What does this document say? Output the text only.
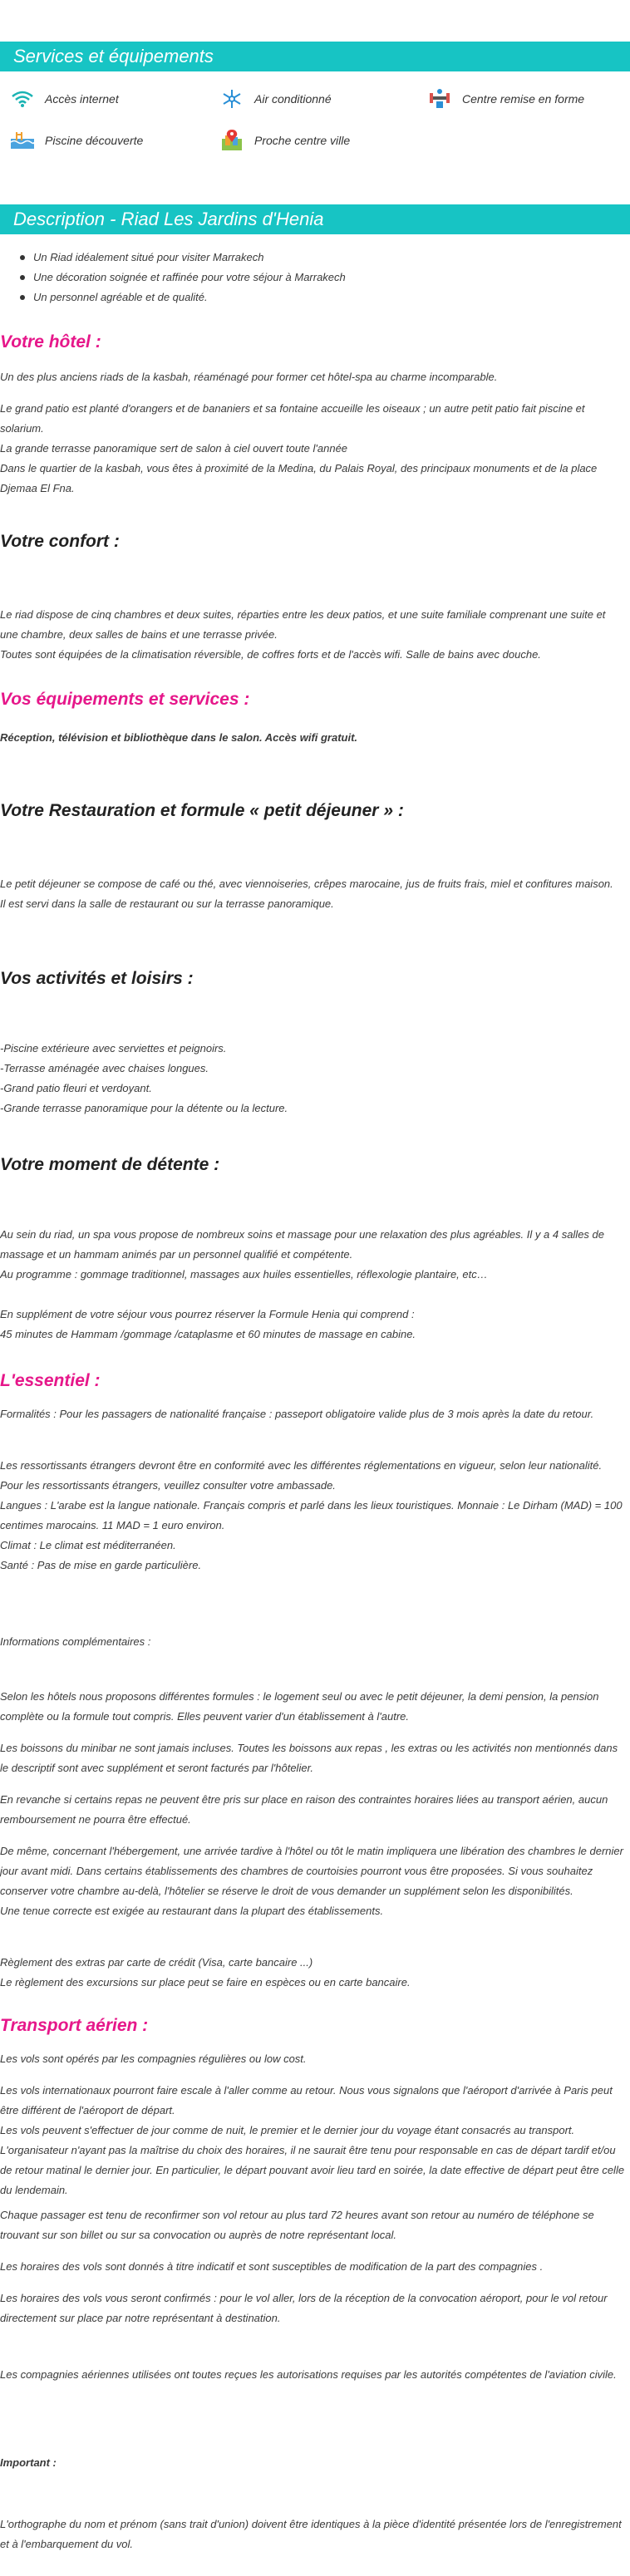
Services et équipements
Accès internet	Air conditionné	Centre remise en forme
Piscine découverte	Proche centre ville
Description - Riad Les Jardins d'Henia
Un Riad idéalement situé pour visiter Marrakech
Une décoration soignée et raffinée pour votre séjour à Marrakech
Un personnel agréable et de qualité.
Votre hôtel :
Un des plus anciens riads de la kasbah, réaménagé pour former cet hôtel-spa au charme incomparable.
Le grand patio est planté d'orangers et de bananiers et sa fontaine accueille les oiseaux ; un autre petit patio fait piscine et solarium.
La grande terrasse panoramique sert de salon à ciel ouvert toute l'année
Dans le quartier de la kasbah, vous êtes à proximité de la Medina, du Palais Royal, des principaux monuments et de la place Djemaa El Fna.
Votre confort :
Le riad dispose de cinq chambres et deux suites, réparties entre les deux patios, et une suite familiale comprenant une suite et une chambre, deux salles de bains et une terrasse privée.
Toutes sont équipées de la climatisation réversible, de coffres forts et de l'accès wifi. Salle de bains avec douche.
Vos équipements et services :
Réception, télévision et bibliothèque dans le salon. Accès wifi gratuit.
Votre Restauration et formule « petit déjeuner » :
Le petit déjeuner se compose de café ou thé, avec viennoiseries, crêpes marocaine, jus de fruits frais, miel et confitures maison.
Il est servi dans la salle de restaurant ou sur la terrasse panoramique.
Vos activités et loisirs :
-Piscine extérieure avec serviettes et peignoirs.
-Terrasse aménagée avec chaises longues.
-Grand patio fleuri et verdoyant.
-Grande terrasse panoramique pour la détente ou la lecture.
Votre moment de détente :
Au sein du riad, un spa vous propose de nombreux soins et massage pour une relaxation des plus agréables. Il y a 4 salles de massage et un hammam animés par un personnel qualifié et compétente.
Au programme : gommage traditionnel, massages aux huiles essentielles, réflexologie plantaire, etc…
En supplément de votre séjour vous pourrez réserver la Formule Henia qui comprend :
45 minutes de Hammam /gommage /cataplasme et 60 minutes de massage en cabine.
L'essentiel :
Formalités : Pour les passagers de nationalité française : passeport obligatoire valide plus de 3 mois après la date du retour.
Les ressortissants étrangers devront être en conformité avec les différentes réglementations en vigueur, selon leur nationalité.
Pour les ressortissants étrangers, veuillez consulter votre ambassade.
Langues : L'arabe est la langue nationale. Français compris et parlé dans les lieux touristiques. Monnaie : Le Dirham (MAD) = 100 centimes marocains. 11 MAD = 1 euro environ.
Climat : Le climat est méditerranéen.
Santé : Pas de mise en garde particulière.
Informations complémentaires :
Selon les hôtels nous proposons différentes formules : le logement seul ou avec le petit déjeuner, la demi pension, la pension complète ou la formule tout compris. Elles peuvent varier d'un établissement à l'autre.
Les boissons du minibar ne sont jamais incluses. Toutes les boissons aux repas , les extras ou les activités non mentionnés dans le descriptif sont avec supplément et seront facturés par l'hôtelier.
En revanche si certains repas ne peuvent être pris sur place en raison des contraintes horaires liées au transport aérien, aucun remboursement ne pourra être effectué.
De même, concernant l'hébergement, une arrivée tardive à l'hôtel ou tôt le matin impliquera une libération des chambres le dernier jour avant midi. Dans certains établissements des chambres de courtoisies pourront vous être proposées. Si vous souhaitez conserver votre chambre au-delà, l'hôtelier se réserve le droit de vous demander un supplément selon les disponibilités.
Une tenue correcte est exigée au restaurant dans la plupart des établissements.
Règlement des extras par carte de crédit (Visa, carte bancaire ...)
Le règlement des excursions sur place peut se faire en espèces ou en carte bancaire.
Transport aérien :
Les vols sont opérés par les compagnies régulières ou low cost.
Les vols internationaux pourront faire escale à l'aller comme au retour. Nous vous signalons que l'aéroport d'arrivée à Paris peut être différent de l'aéroport de départ.
Les vols peuvent s'effectuer de jour comme de nuit, le premier et le dernier jour du voyage étant consacrés au transport.
L'organisateur n'ayant pas la maîtrise du choix des horaires, il ne saurait être tenu pour responsable en cas de départ tardif et/ou de retour matinal le dernier jour. En particulier, le départ pouvant avoir lieu tard en soirée, la date effective de départ peut être celle du lendemain.
Chaque passager est tenu de reconfirmer son vol retour au plus tard 72 heures avant son retour au numéro de téléphone se trouvant sur son billet ou sur sa convocation ou auprès de notre représentant local.
Les horaires des vols sont donnés à titre indicatif et sont susceptibles de modification de la part des compagnies .
Les horaires des vols vous seront confirmés : pour le vol aller, lors de la réception de la convocation aéroport, pour le vol retour directement sur place par notre représentant à destination.
Les compagnies aériennes utilisées ont toutes reçues les autorisations requises par les autorités compétentes de l'aviation civile.
Important :
L'orthographe du nom et prénom (sans trait d'union) doivent être identiques à la pièce d'identité présentée lors de l'enregistrement et à l'embarquement du vol.
